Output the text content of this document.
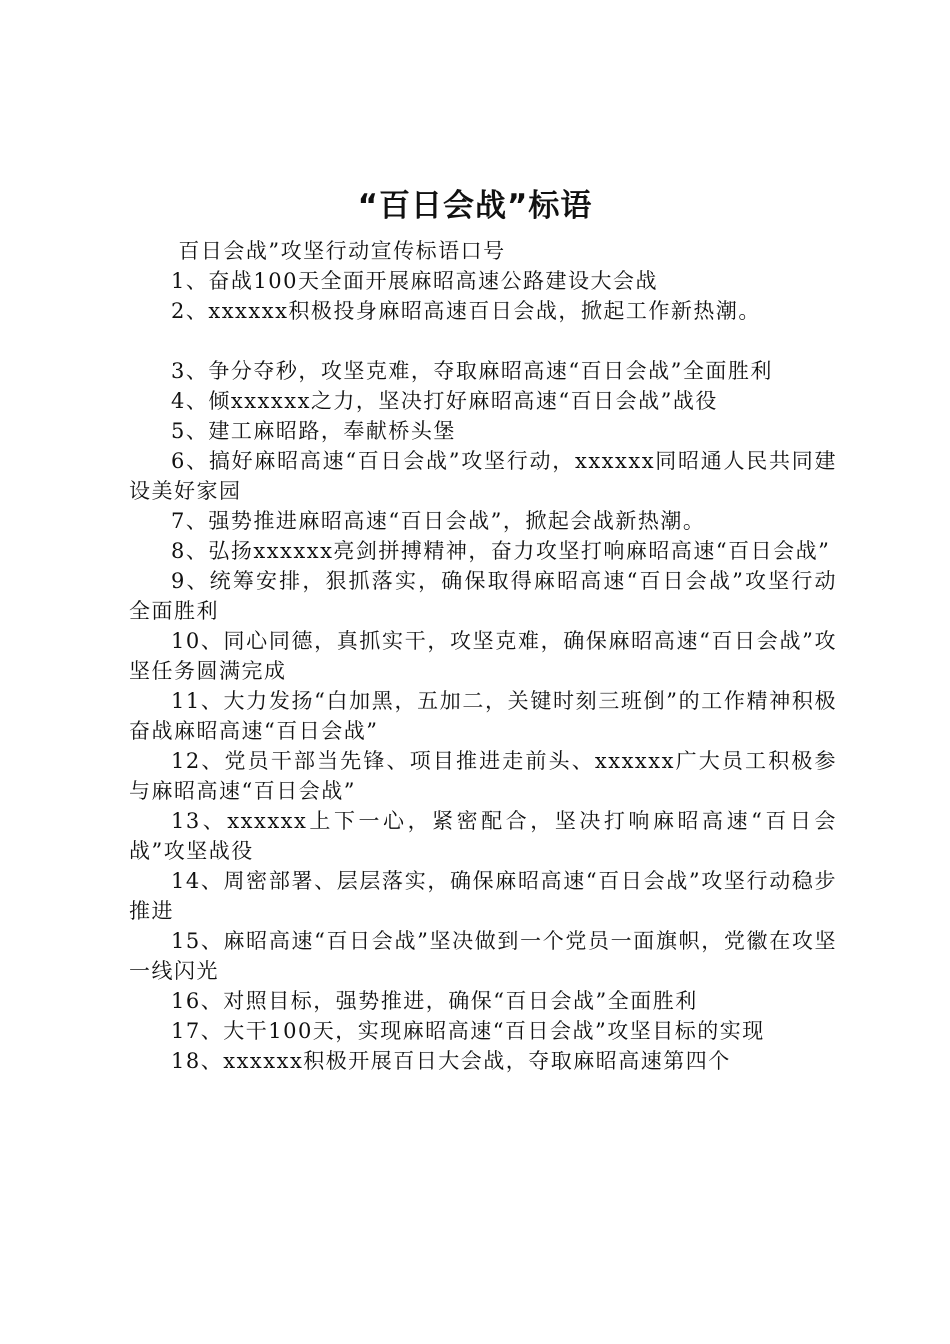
“百日会战”标语

百日会战”攻坚行动宣传标语口号

1、奋战100天全面开展麻昭高速公路建设大会战

2、xxxxxx积极投身麻昭高速百日会战，掀起工作新热潮。

3、争分夺秒，攻坚克难，夺取麻昭高速“百日会战”全面胜利

4、倾xxxxxx之力，坚决打好麻昭高速“百日会战”战役

5、建工麻昭路，奉献桥头堡

6、搞好麻昭高速“百日会战”攻坚行动，xxxxxx同昭通人民共同建设美好家园

7、强势推进麻昭高速“百日会战”，掀起会战新热潮。

8、弘扬xxxxxx亮剑拼搏精神，奋力攻坚打响麻昭高速“百日会战”

9、统筹安排，狠抓落实，确保取得麻昭高速“百日会战”攻坚行动全面胜利

10、同心同德，真抓实干，攻坚克难，确保麻昭高速“百日会战”攻坚任务圆满完成

11、大力发扬“白加黑，五加二，关键时刻三班倒”的工作精神积极奋战麻昭高速“百日会战”

12、党员干部当先锋、项目推进走前头、xxxxxx广大员工积极参与麻昭高速“百日会战”

13、xxxxxx上下一心，紧密配合，坚决打响麻昭高速“百日会战”攻坚战役

14、周密部署、层层落实，确保麻昭高速“百日会战”攻坚行动稳步推进

15、麻昭高速“百日会战”坚决做到一个党员一面旗帜，党徽在攻坚一线闪光

16、对照目标，强势推进，确保“百日会战”全面胜利

17、大干100天，实现麻昭高速“百日会战”攻坚目标的实现

18、xxxxxx积极开展百日大会战，夺取麻昭高速第四个
